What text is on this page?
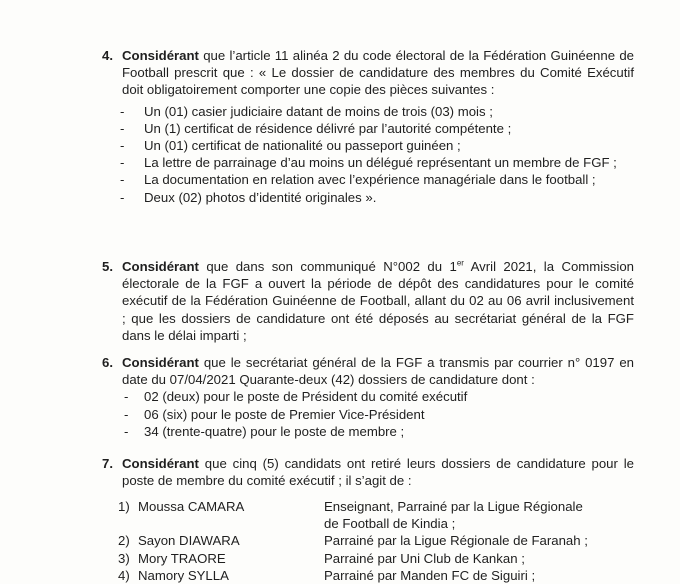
4. Considérant que l’article 11 alinéa 2 du code électoral de la Fédération Guinéenne de Football prescrit que : « Le dossier de candidature des membres du Comité Exécutif doit obligatoirement comporter une copie des pièces suivantes :
- Un (01) casier judiciaire datant de moins de trois (03) mois ;
- Un (1) certificat de résidence délivré par l’autorité compétente ;
- Un (01) certificat de nationalité ou passeport guinéen ;
- La lettre de parrainage d’au moins un délégué représentant un membre de FGF ;
- La documentation en relation avec l’expérience managériale dans le football ;
- Deux (02) photos d’identité originales ».
5. Considérant que dans son communiqué N°002 du 1er Avril 2021, la Commission électorale de la FGF a ouvert la période de dépôt des candidatures pour le comité exécutif de la Fédération Guinéenne de Football, allant du 02 au 06 avril inclusivement ; que les dossiers de candidature ont été déposés au secrétariat général de la FGF dans le délai imparti ;
6. Considérant que le secrétariat général de la FGF a transmis par courrier n° 0197 en date du 07/04/2021 Quarante-deux (42) dossiers de candidature dont :
- 02 (deux) pour le poste de Président du comité exécutif
- 06 (six) pour le poste de Premier Vice-Président
- 34 (trente-quatre) pour le poste de membre ;
7. Considérant que cinq (5) candidats ont retiré leurs dossiers de candidature pour le poste de membre du comité exécutif ; il s’agit de :
1) Moussa CAMARA	Enseignant, Parrainé par la Ligue Régionale
de Football de Kindia ;
2) Sayon DIAWARA	Parrainé par la Ligue Régionale de Faranah ;
3) Mory TRAORE	Parrainé par Uni Club de Kankan ;
4) Namory SYLLA	Parrainé par Manden FC de Siguiri ;
